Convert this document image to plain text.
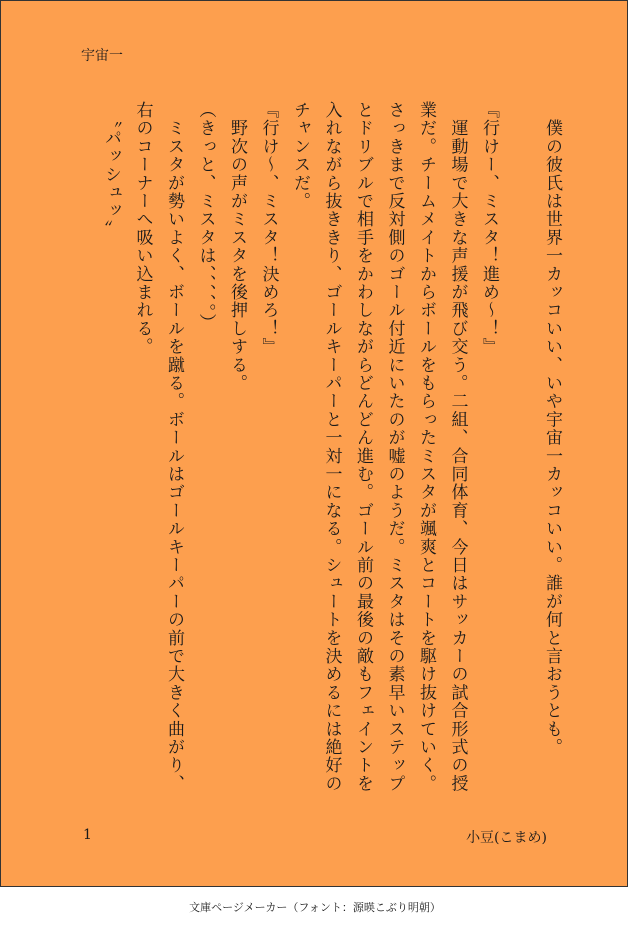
宇宙一

　僕の彼氏は世界一カッコいい、いや宇宙一カッコいい。誰が何と言おうとも。

『行けー、ミスタ！進め～！』

　運動場で大きな声援が飛び交う。二組、合同体育、今日はサッカーの試合形式の授業だ。チームメイトからボールをもらったミスタが颯爽とコートを駆け抜けていく。さっきまで反対側のゴール付近にいたのが嘘のようだ。ミスタはその素早いステップとドリブルで相手をかわしながらどんどん進む。ゴール前の最後の敵もフェイントを入れながら抜ききり、ゴールキーパーと一対一になる。シュートを決めるには絶好のチャンスだ。

『行け～、ミスタ！決めろ！』

　野次の声がミスタを後押しする。

（きっと、ミスタは、、、、。）

　ミスタが勢いよく、ボールを蹴る。ボールはゴールキーパーの前で大きく曲がり、右のコーナーへ吸い込まれる。

　〝パッシュッ〟

1	小豆(こまめ)
文庫ページメーカー（フォント：源暎こぶり明朝）
